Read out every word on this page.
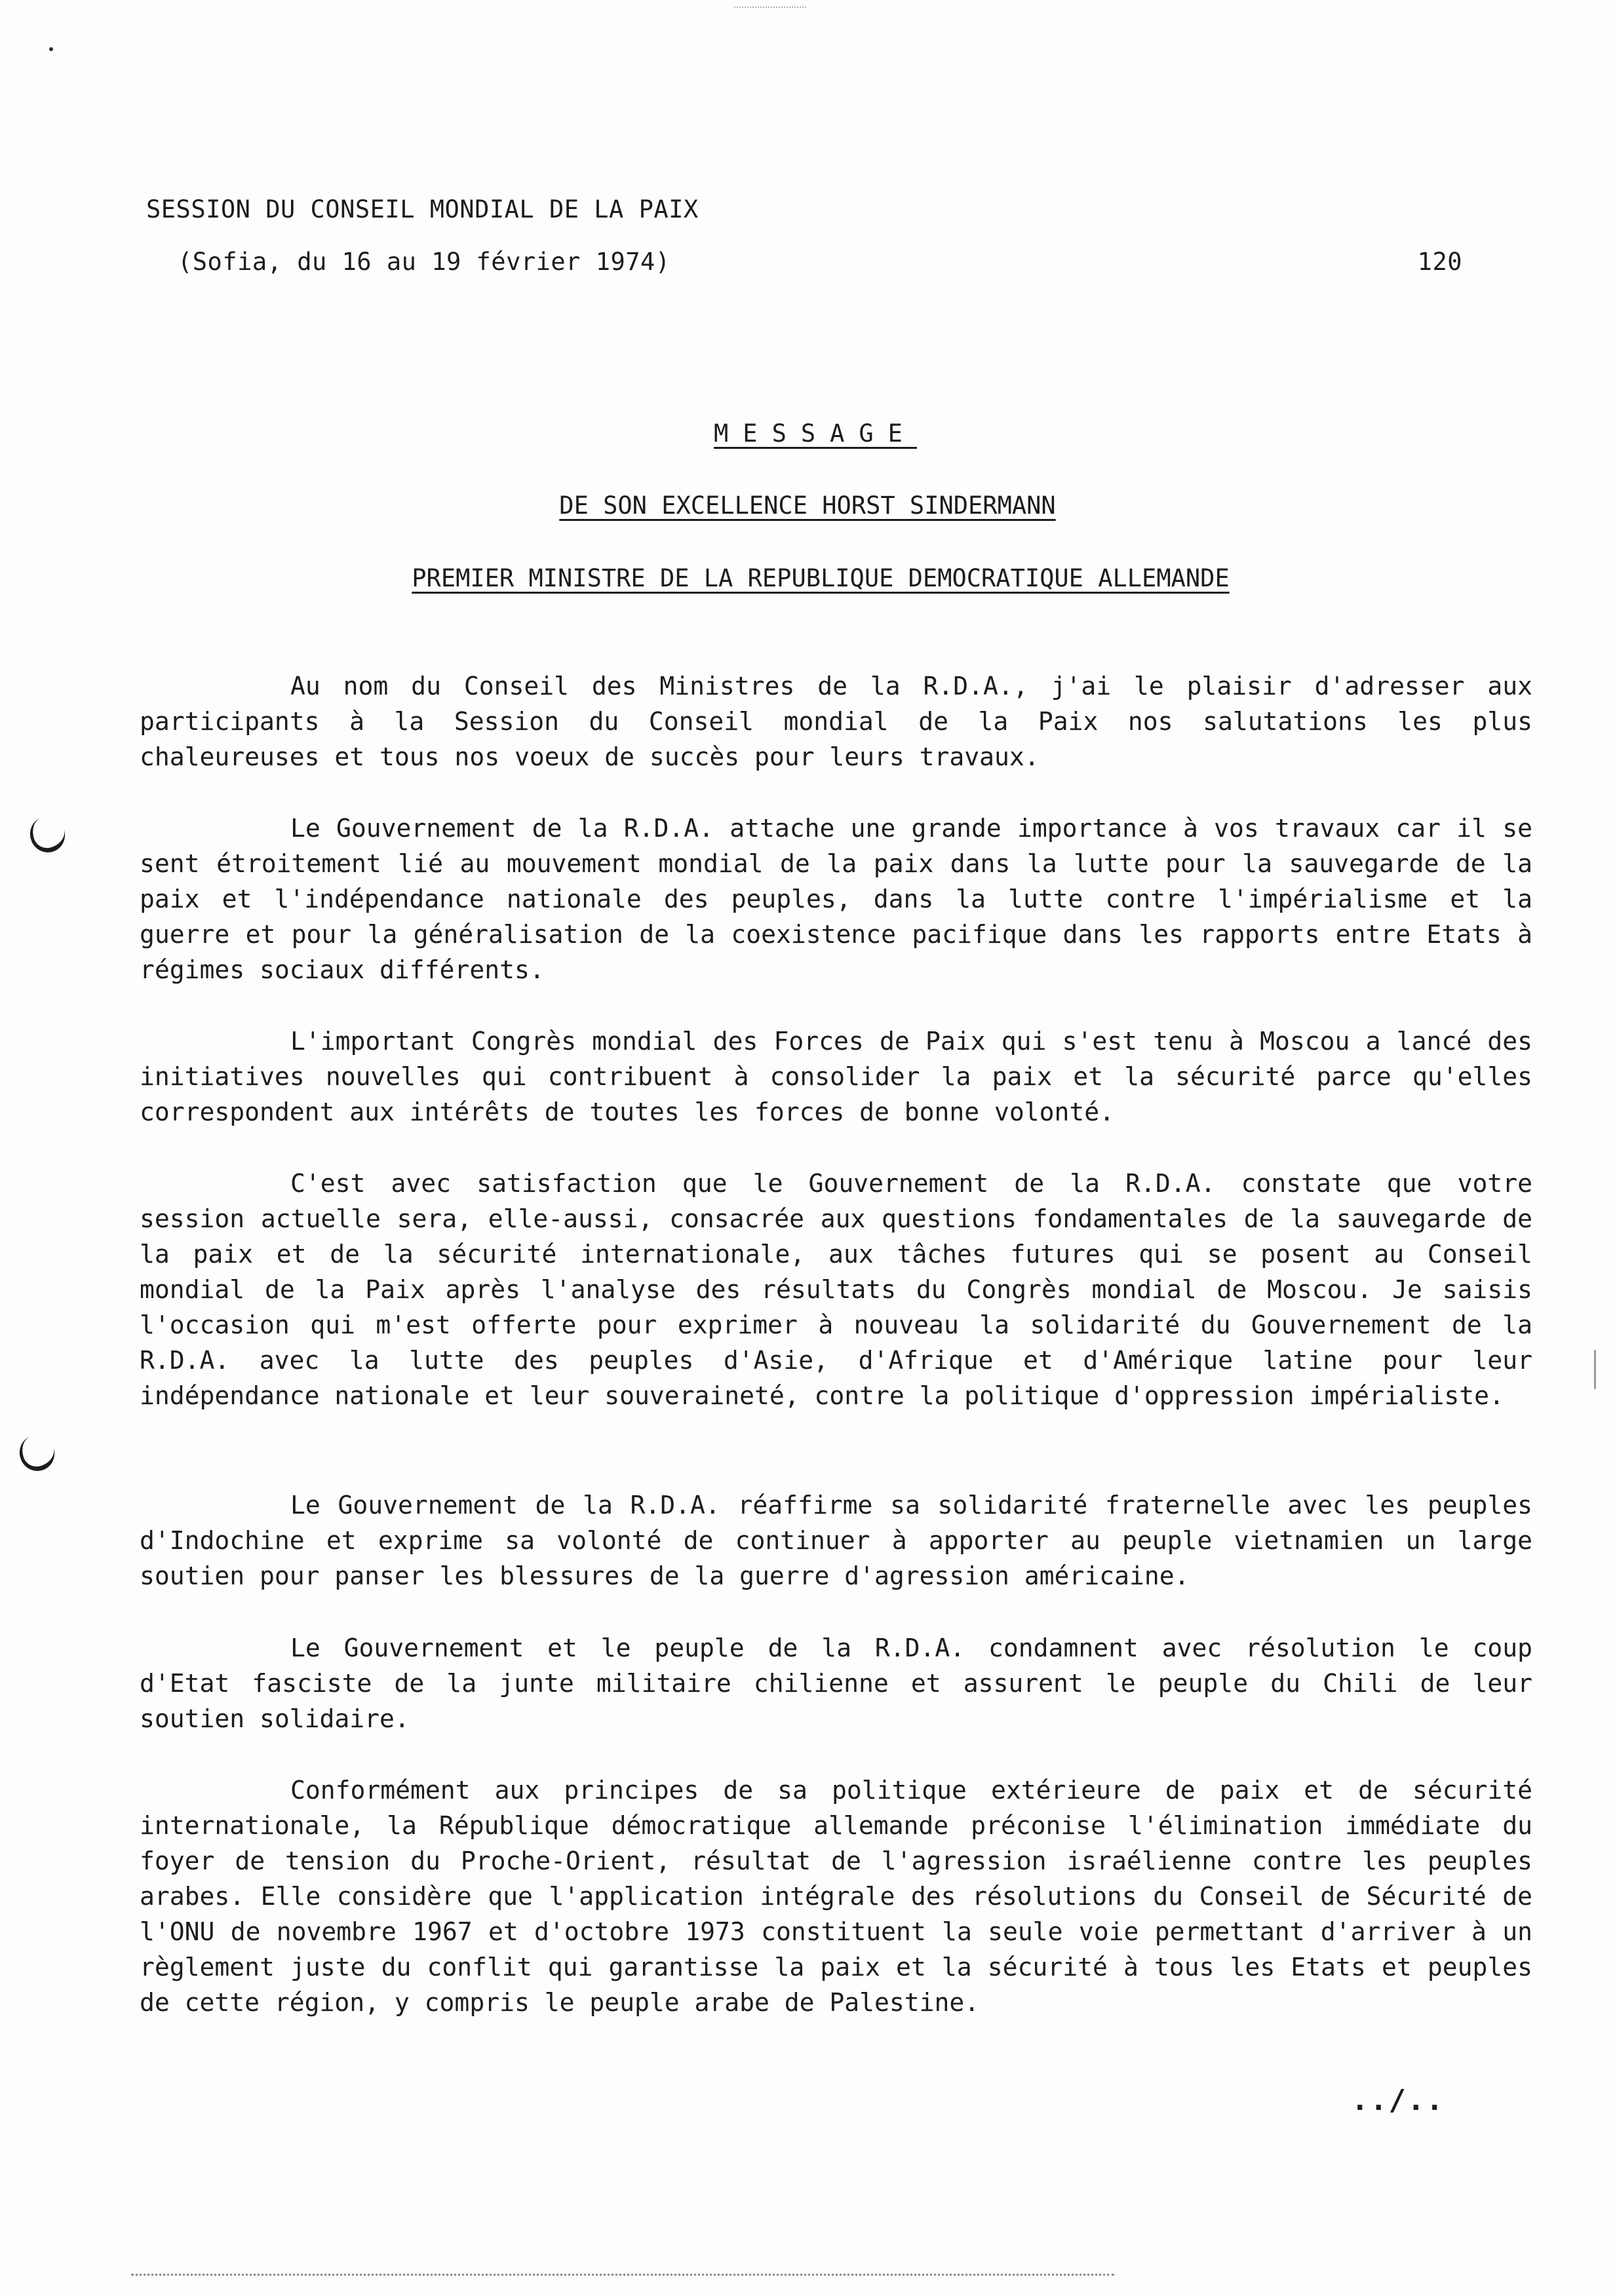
SESSION DU CONSEIL MONDIAL DE LA PAIX
(Sofia, du 16 au 19 février 1974)	120
MESSAGE
DE SON EXCELLENCE HORST SINDERMANN
PREMIER MINISTRE DE LA REPUBLIQUE DEMOCRATIQUE ALLEMANDE

Au nom du Conseil des Ministres de la R.D.A., j'ai le plaisir d'adresser aux participants à la Session du Conseil mondial de la Paix nos salutations les plus chaleureuses et tous nos voeux de succès pour leurs travaux.

Le Gouvernement de la R.D.A. attache une grande importance à vos travaux car il se sent étroitement lié au mouvement mondial de la paix dans la lutte pour la sauvegarde de la paix et l'indépendance nationale des peuples, dans la lutte contre l'impérialisme et la guerre et pour la généralisation de la coexistence pacifique dans les rapports entre Etats à régimes sociaux différents.

L'important Congrès mondial des Forces de Paix qui s'est tenu à Moscou a lancé des initiatives nouvelles qui contribuent à consolider la paix et la sécurité parce qu'elles correspondent aux intérêts de toutes les forces de bonne volonté.

C'est avec satisfaction que le Gouvernement de la R.D.A. constate que votre session actuelle sera, elle-aussi, consacrée aux questions fondamentales de la sauvegarde de la paix et de la sécurité internationale, aux tâches futures qui se posent au Conseil mondial de la Paix après l'analyse des résultats du Congrès mondial de Moscou. Je saisis l'occasion qui m'est offerte pour exprimer à nouveau la solidarité du Gouvernement de la R.D.A. avec la lutte des peuples d'Asie, d'Afrique et d'Amérique latine pour leur indépendance nationale et leur souveraineté, contre la politique d'oppression impérialiste.

Le Gouvernement de la R.D.A. réaffirme sa solidarité fraternelle avec les peuples d'Indochine et exprime sa volonté de continuer à apporter au peuple vietnamien un large soutien pour panser les blessures de la guerre d'agression américaine.

Le Gouvernement et le peuple de la R.D.A. condamnent avec résolution le coup d'Etat fasciste de la junte militaire chilienne et assurent le peuple du Chili de leur soutien solidaire.

Conformément aux principes de sa politique extérieure de paix et de sécurité internationale, la République démocratique allemande préconise l'élimination immédiate du foyer de tension du Proche-Orient, résultat de l'agression israélienne contre les peuples arabes. Elle considère que l'application intégrale des résolutions du Conseil de Sécurité de l'ONU de novembre 1967 et d'octobre 1973 constituent la seule voie permettant d'arriver à un règlement juste du conflit qui garantisse la paix et la sécurité à tous les Etats et peuples de cette région, y compris le peuple arabe de Palestine.

../..
